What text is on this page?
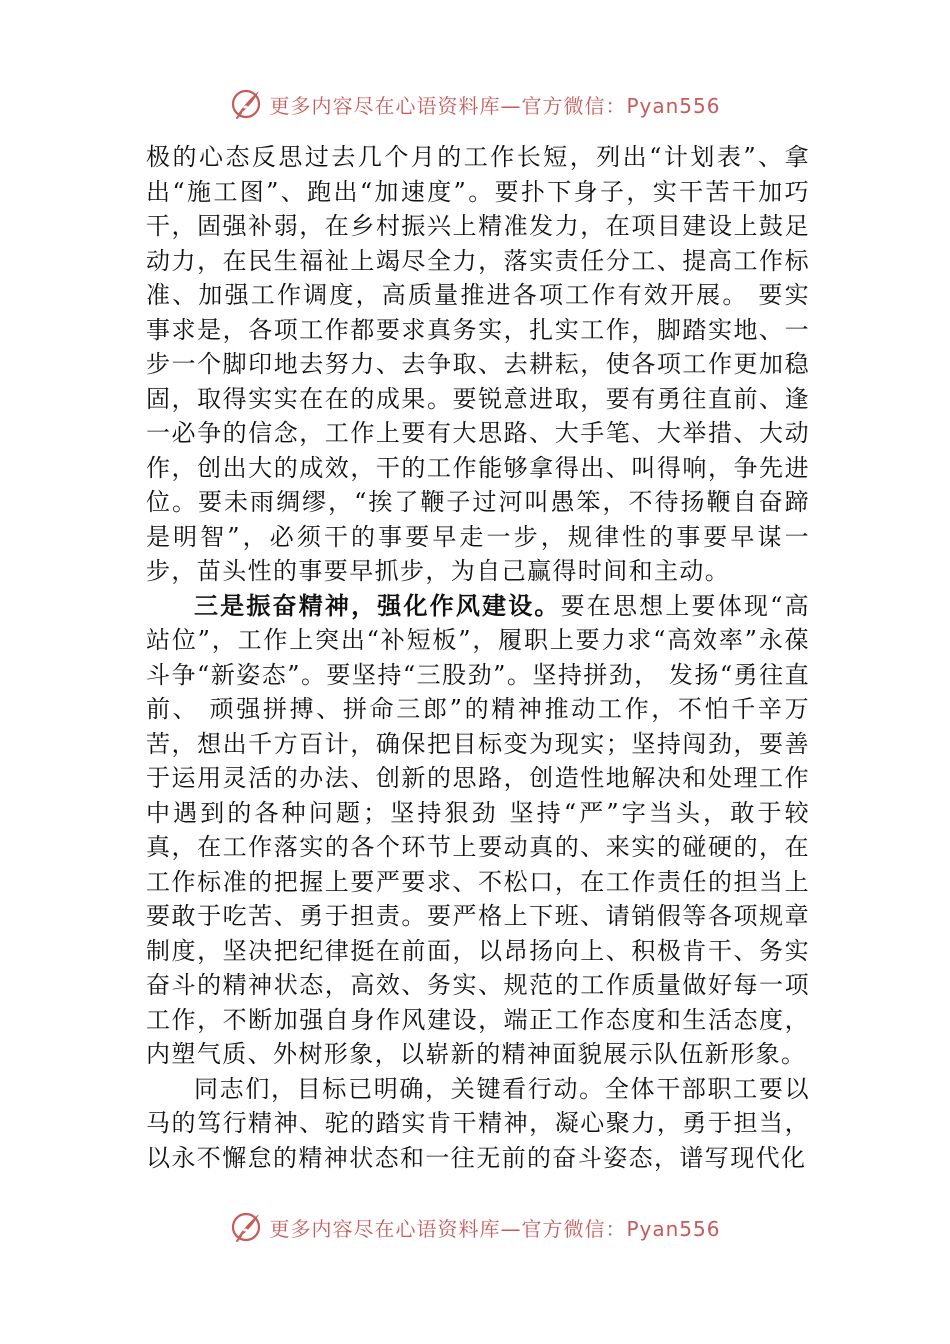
更多内容尽在心语资料库—官方微信：Pyan556

极的心态反思过去几个月的工作长短，列出“计划表”、拿出“施工图”、跑出“加速度”。要扑下身子，实干苦干加巧干，固强补弱，在乡村振兴上精准发力，在项目建设上鼓足动力，在民生福祉上竭尽全力，落实责任分工、提高工作标准、加强工作调度，高质量推进各项工作有效开展。 要实事求是，各项工作都要求真务实，扎实工作，脚踏实地、一步一个脚印地去努力、去争取、去耕耘，使各项工作更加稳固，取得实实在在的成果。要锐意进取，要有勇往直前、逢一必争的信念，工作上要有大思路、大手笔、大举措、大动作，创出大的成效，干的工作能够拿得出、叫得响，争先进位。要未雨绸缪，“挨了鞭子过河叫愚笨，不待扬鞭自奋蹄是明智”，必须干的事要早走一步，规律性的事要早谋一步，苗头性的事要早抓步，为自己赢得时间和主动。

三是振奋精神，强化作风建设。要在思想上要体现“高站位”，工作上突出“补短板”，履职上要力求“高效率”永葆斗争“新姿态”。要坚持“三股劲”。坚持拼劲， 发扬“勇往直前、 顽强拼搏、拼命三郎”的精神推动工作，不怕千辛万苦，想出千方百计，确保把目标变为现实；坚持闯劲，要善于运用灵活的办法、创新的思路，创造性地解决和处理工作中遇到的各种问题；坚持狠劲 坚持“严”字当头，敢于较真，在工作落实的各个环节上要动真的、来实的碰硬的，在工作标准的把握上要严要求、不松口，在工作责任的担当上要敢于吃苦、勇于担责。要严格上下班、请销假等各项规章制度，坚决把纪律挺在前面，以昂扬向上、积极肯干、务实奋斗的精神状态，高效、务实、规范的工作质量做好每一项工作，不断加强自身作风建设，端正工作态度和生活态度，内塑气质、外树形象，以崭新的精神面貌展示队伍新形象。

同志们，目标已明确，关键看行动。全体干部职工要以马的笃行精神、驼的踏实肯干精神，凝心聚力，勇于担当，以永不懈怠的精神状态和一往无前的奋斗姿态，谱写现代化

更多内容尽在心语资料库—官方微信：Pyan556
